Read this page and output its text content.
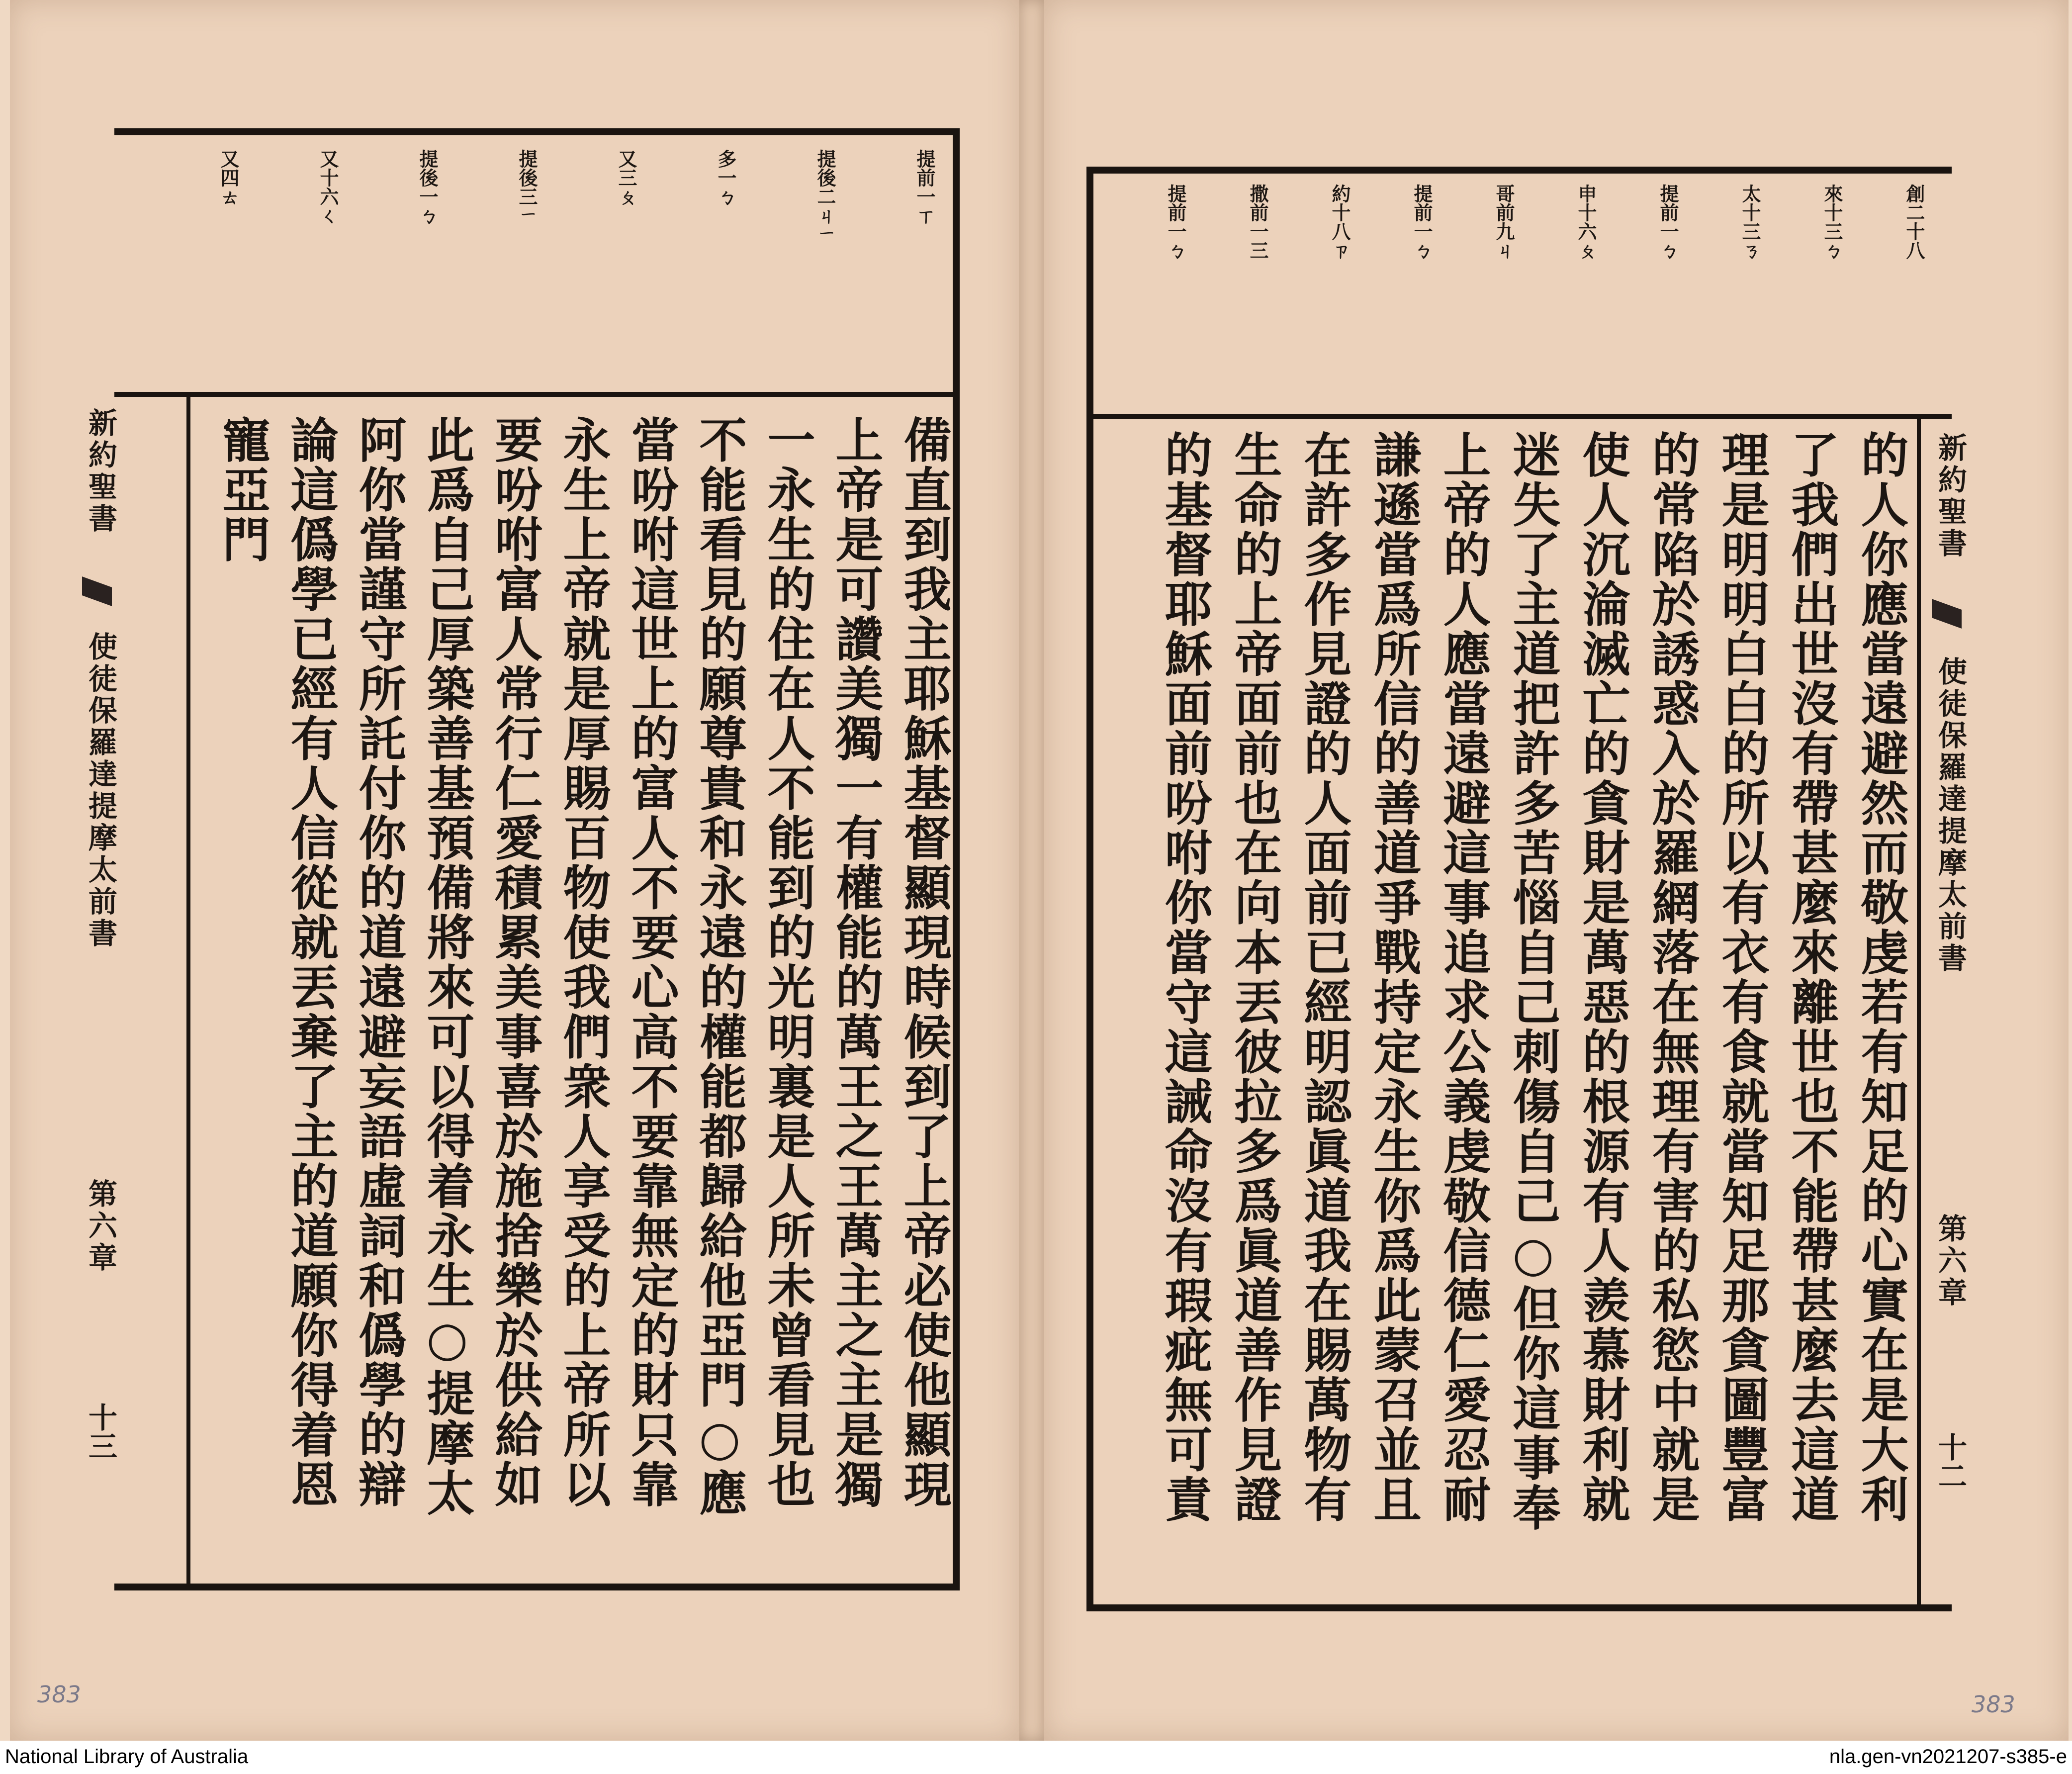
提前一ㄒ
提後二ㄐㄧ
多一ㄅ
又三ㄆ
提後三ㄧ
提後一ㄅ
又十六ㄑ
又四ㄊ
備直到我主耶穌基督顯現時候到了上帝必使他顯現
上帝是可讚美獨一有權能的萬王之王萬主之主是獨
一永生的住在人不能到的光明裏是人所未曾看見也
不能看見的願尊貴和永遠的權能都歸給他亞門○應
當吩咐這世上的富人不要心高不要靠無定的財只靠
永生上帝就是厚賜百物使我們衆人享受的上帝所以
要吩咐富人常行仁愛積累美事喜於施捨樂於供給如
此爲自己厚築善基預備將來可以得着永生○提摩太
阿你當謹守所託付你的道遠避妄語虛詞和僞學的辯
論這僞學已經有人信從就丟棄了主的道願你得着恩
寵亞門
新約聖書
使徒保羅達提摩太前書
第六章
十三
創二十八
來十三ㄅ
太十三ㄋ
提前一ㄅ
申十六ㄆ
哥前九ㄐ
提前一ㄅ
約十八ㄗ
撒前一三
提前一ㄅ
的人你應當遠避然而敬虔若有知足的心實在是大利
了我們出世沒有帶甚麼來離世也不能帶甚麼去這道
理是明明白白的所以有衣有食就當知足那貪圖豐富
的常陷於誘惑入於羅網落在無理有害的私慾中就是
使人沉淪滅亡的貪財是萬惡的根源有人羨慕財利就
迷失了主道把許多苦惱自己刺傷自己○但你這事奉
上帝的人應當遠避這事追求公義虔敬信德仁愛忍耐
謙遜當爲所信的善道爭戰持定永生你爲此蒙召並且
在許多作見證的人面前已經明認眞道我在賜萬物有
生命的上帝面前也在向本丟彼拉多爲眞道善作見證
的基督耶穌面前吩咐你當守這誡命沒有瑕疵無可責	新約聖書
使徒保羅達提摩太前書
第六章
十二
383	383
National Library of Australia	nla.gen-vn2021207-s385-e
